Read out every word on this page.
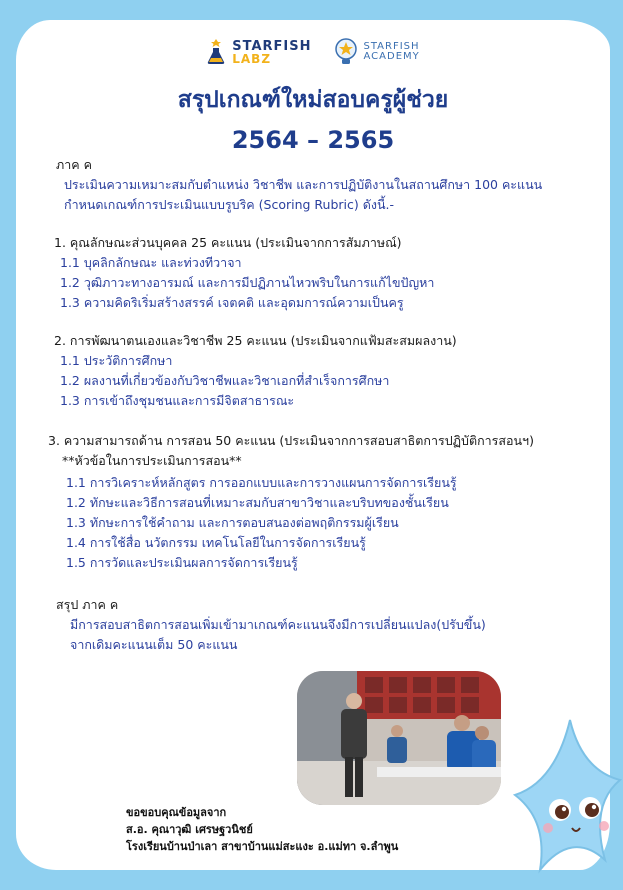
STARFISH
LABZ
STARFISH
ACADEMY
สรุปเกณฑ์ใหม่สอบครูผู้ช่วย
2564 – 2565
ภาค ค
ประเมินความเหมาะสมกับตำแหน่ง วิชาชีพ และการปฏิบัติงานในสถานศึกษา 100 คะแนน
กำหนดเกณฑ์การประเมินแบบรูบริค (Scoring Rubric) ดังนี้.-
1. คุณลักษณะส่วนบุคคล 25 คะแนน (ประเมินจากการสัมภาษณ์)
1.1 บุคลิกลักษณะ และท่วงทีวาจา
1.2 วุฒิภาวะทางอารมณ์ และการมีปฏิภานไหวพริบในการแก้ไขปัญหา
1.3 ความคิดริเริ่มสร้างสรรค์ เจตคติ และอุดมการณ์ความเป็นครู
2. การพัฒนาตนเองและวิชาชีพ 25 คะแนน (ประเมินจากแฟ้มสะสมผลงาน)
1.1 ประวัติการศึกษา
1.2 ผลงานที่เกี่ยวข้องกับวิชาชีพและวิชาเอกที่สำเร็จการศึกษา
1.3 การเข้าถึงชุมชนและการมีจิตสาธารณะ
3. ความสามารถด้าน การสอน 50 คะแนน (ประเมินจากการสอบสาธิตการปฏิบัติการสอนฯ)
**หัวข้อในการประเมินการสอน**
1.1 การวิเคราะห์หลักสูตร การออกแบบและการวางแผนการจัดการเรียนรู้
1.2 ทักษะและวิธีการสอนที่เหมาะสมกับสาขาวิชาและบริบทของชั้นเรียน
1.3 ทักษะการใช้คำถาม และการตอบสนองต่อพฤติกรรมผู้เรียน
1.4 การใช้สื่อ นวัตกรรม เทคโนโลยีในการจัดการเรียนรู้
1.5 การวัดและประเมินผลการจัดการเรียนรู้
สรุป ภาค ค
มีการสอบสาธิตการสอนเพิ่มเข้ามาเกณฑ์คะแนนจึงมีการเปลี่ยนแปลง(ปรับขึ้น)
จากเดิมคะแนนเต็ม 50 คะแนน
ขอขอบคุณข้อมูลจาก
ส.อ. คุณาวุฒิ เศรษฐวนิชย์
โรงเรียนบ้านป่าเลา สาขาบ้านแม่สะแงะ อ.แม่ทา จ.ลำพูน
